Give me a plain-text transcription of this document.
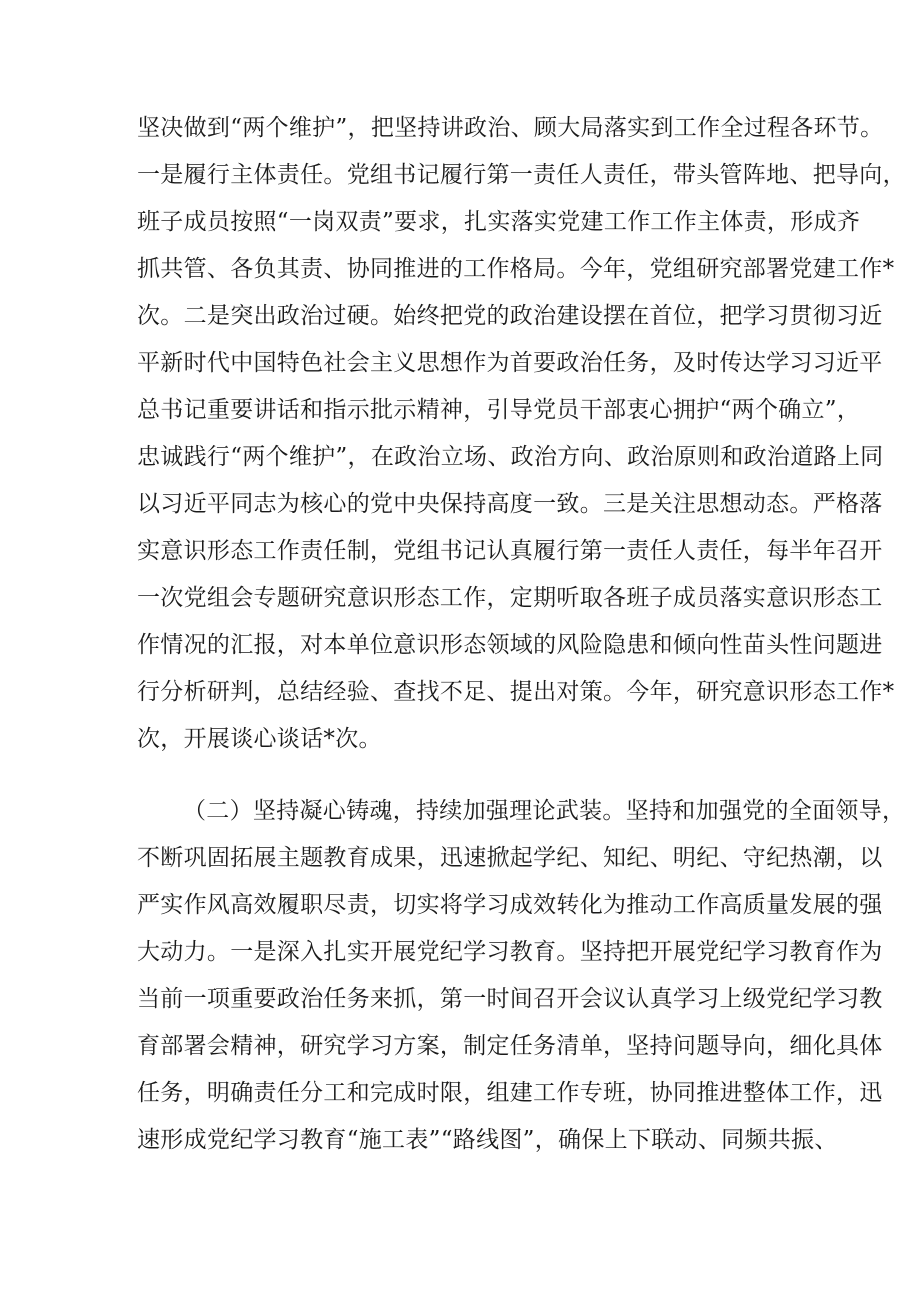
坚决做到“两个维护”，把坚持讲政治、顾大局落实到工作全过程各环节。
一是履行主体责任。党组书记履行第一责任人责任，带头管阵地、把导向，
班子成员按照“一岗双责”要求，扎实落实党建工作工作主体责，形成齐
抓共管、各负其责、协同推进的工作格局。今年，党组研究部署党建工作*
次。二是突出政治过硬。始终把党的政治建设摆在首位，把学习贯彻习近
平新时代中国特色社会主义思想作为首要政治任务，及时传达学习习近平
总书记重要讲话和指示批示精神，引导党员干部衷心拥护“两个确立”，
忠诚践行“两个维护”，在政治立场、政治方向、政治原则和政治道路上同
以习近平同志为核心的党中央保持高度一致。三是关注思想动态。严格落
实意识形态工作责任制，党组书记认真履行第一责任人责任，每半年召开
一次党组会专题研究意识形态工作，定期听取各班子成员落实意识形态工
作情况的汇报，对本单位意识形态领域的风险隐患和倾向性苗头性问题进
行分析研判，总结经验、查找不足、提出对策。今年，研究意识形态工作*
次，开展谈心谈话*次。
（二）坚持凝心铸魂，持续加强理论武装。坚持和加强党的全面领导，
不断巩固拓展主题教育成果，迅速掀起学纪、知纪、明纪、守纪热潮，以
严实作风高效履职尽责，切实将学习成效转化为推动工作高质量发展的强
大动力。一是深入扎实开展党纪学习教育。坚持把开展党纪学习教育作为
当前一项重要政治任务来抓，第一时间召开会议认真学习上级党纪学习教
育部署会精神，研究学习方案，制定任务清单，坚持问题导向，细化具体
任务，明确责任分工和完成时限，组建工作专班，协同推进整体工作，迅
速形成党纪学习教育“施工表”“路线图”，确保上下联动、同频共振、
